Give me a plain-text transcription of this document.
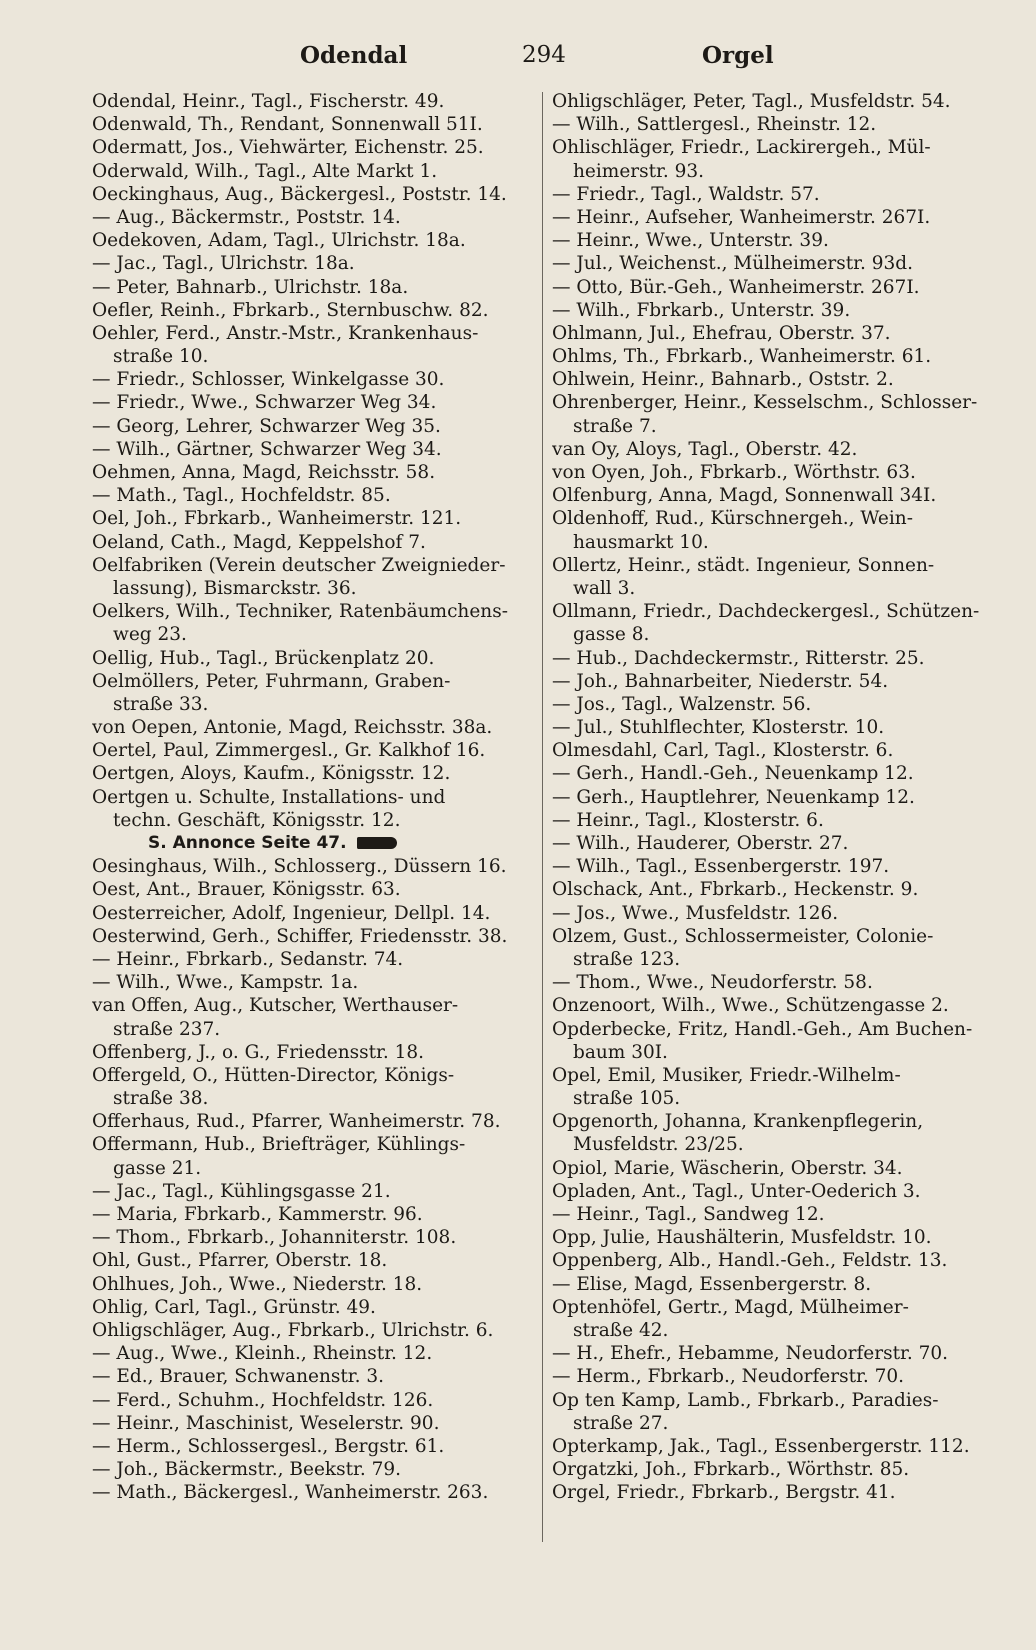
Odendal	294	Orgel
Odendal, Heinr., Tagl., Fischerstr. 49.
Odenwald, Th., Rendant, Sonnenwall 51I.
Odermatt, Jos., Viehwärter, Eichenstr. 25.
Oderwald, Wilh., Tagl., Alte Markt 1.
Oeckinghaus, Aug., Bäckergesl., Poststr. 14.
— Aug., Bäckermstr., Poststr. 14.
Oedekoven, Adam, Tagl., Ulrichstr. 18a.
— Jac., Tagl., Ulrichstr. 18a.
— Peter, Bahnarb., Ulrichstr. 18a.
Oefler, Reinh., Fbrkarb., Sternbuschw. 82.
Oehler, Ferd., Anstr.-Mstr., Krankenhaus-
straße 10.
— Friedr., Schlosser, Winkelgasse 30.
— Friedr., Wwe., Schwarzer Weg 34.
— Georg, Lehrer, Schwarzer Weg 35.
— Wilh., Gärtner, Schwarzer Weg 34.
Oehmen, Anna, Magd, Reichsstr. 58.
— Math., Tagl., Hochfeldstr. 85.
Oel, Joh., Fbrkarb., Wanheimerstr. 121.
Oeland, Cath., Magd, Keppelshof 7.
Oelfabriken (Verein deutscher Zweignieder-
lassung), Bismarckstr. 36.
Oelkers, Wilh., Techniker, Ratenbäumchens-
weg 23.
Oellig, Hub., Tagl., Brückenplatz 20.
Oelmöllers, Peter, Fuhrmann, Graben-
straße 33.
von Oepen, Antonie, Magd, Reichsstr. 38a.
Oertel, Paul, Zimmergesl., Gr. Kalkhof 16.
Oertgen, Aloys, Kaufm., Königsstr. 12.
Oertgen u. Schulte, Installations- und
techn. Geschäft, Königsstr. 12.
S. Annonce Seite 47.
Oesinghaus, Wilh., Schlosserg., Düssern 16.
Oest, Ant., Brauer, Königsstr. 63.
Oesterreicher, Adolf, Ingenieur, Dellpl. 14.
Oesterwind, Gerh., Schiffer, Friedensstr. 38.
— Heinr., Fbrkarb., Sedanstr. 74.
— Wilh., Wwe., Kampstr. 1a.
van Offen, Aug., Kutscher, Werthauser-
straße 237.
Offenberg, J., o. G., Friedensstr. 18.
Offergeld, O., Hütten-Director, Königs-
straße 38.
Offerhaus, Rud., Pfarrer, Wanheimerstr. 78.
Offermann, Hub., Briefträger, Kühlings-
gasse 21.
— Jac., Tagl., Kühlingsgasse 21.
— Maria, Fbrkarb., Kammerstr. 96.
— Thom., Fbrkarb., Johanniterstr. 108.
Ohl, Gust., Pfarrer, Oberstr. 18.
Ohlhues, Joh., Wwe., Niederstr. 18.
Ohlig, Carl, Tagl., Grünstr. 49.
Ohligschläger, Aug., Fbrkarb., Ulrichstr. 6.
— Aug., Wwe., Kleinh., Rheinstr. 12.
— Ed., Brauer, Schwanenstr. 3.
— Ferd., Schuhm., Hochfeldstr. 126.
— Heinr., Maschinist, Weselerstr. 90.
— Herm., Schlossergesl., Bergstr. 61.
— Joh., Bäckermstr., Beekstr. 79.
— Math., Bäckergesl., Wanheimerstr. 263.
Ohligschläger, Peter, Tagl., Musfeldstr. 54.
— Wilh., Sattlergesl., Rheinstr. 12.
Ohlischläger, Friedr., Lackirergeh., Mül-
heimerstr. 93.
— Friedr., Tagl., Waldstr. 57.
— Heinr., Aufseher, Wanheimerstr. 267I.
— Heinr., Wwe., Unterstr. 39.
— Jul., Weichenst., Mülheimerstr. 93d.
— Otto, Bür.-Geh., Wanheimerstr. 267I.
— Wilh., Fbrkarb., Unterstr. 39.
Ohlmann, Jul., Ehefrau, Oberstr. 37.
Ohlms, Th., Fbrkarb., Wanheimerstr. 61.
Ohlwein, Heinr., Bahnarb., Oststr. 2.
Ohrenberger, Heinr., Kesselschm., Schlosser-
straße 7.
van Oy, Aloys, Tagl., Oberstr. 42.
von Oyen, Joh., Fbrkarb., Wörthstr. 63.
Olfenburg, Anna, Magd, Sonnenwall 34I.
Oldenhoff, Rud., Kürschnergeh., Wein-
hausmarkt 10.
Ollertz, Heinr., städt. Ingenieur, Sonnen-
wall 3.
Ollmann, Friedr., Dachdeckergesl., Schützen-
gasse 8.
— Hub., Dachdeckermstr., Ritterstr. 25.
— Joh., Bahnarbeiter, Niederstr. 54.
— Jos., Tagl., Walzenstr. 56.
— Jul., Stuhlflechter, Klosterstr. 10.
Olmesdahl, Carl, Tagl., Klosterstr. 6.
— Gerh., Handl.-Geh., Neuenkamp 12.
— Gerh., Hauptlehrer, Neuenkamp 12.
— Heinr., Tagl., Klosterstr. 6.
— Wilh., Hauderer, Oberstr. 27.
— Wilh., Tagl., Essenbergerstr. 197.
Olschack, Ant., Fbrkarb., Heckenstr. 9.
— Jos., Wwe., Musfeldstr. 126.
Olzem, Gust., Schlossermeister, Colonie-
straße 123.
— Thom., Wwe., Neudorferstr. 58.
Onzenoort, Wilh., Wwe., Schützengasse 2.
Opderbecke, Fritz, Handl.-Geh., Am Buchen-
baum 30I.
Opel, Emil, Musiker, Friedr.-Wilhelm-
straße 105.
Opgenorth, Johanna, Krankenpflegerin,
Musfeldstr. 23/25.
Opiol, Marie, Wäscherin, Oberstr. 34.
Opladen, Ant., Tagl., Unter-Oederich 3.
— Heinr., Tagl., Sandweg 12.
Opp, Julie, Haushälterin, Musfeldstr. 10.
Oppenberg, Alb., Handl.-Geh., Feldstr. 13.
— Elise, Magd, Essenbergerstr. 8.
Optenhöfel, Gertr., Magd, Mülheimer-
straße 42.
— H., Ehefr., Hebamme, Neudorferstr. 70.
— Herm., Fbrkarb., Neudorferstr. 70.
Op ten Kamp, Lamb., Fbrkarb., Paradies-
straße 27.
Opterkamp, Jak., Tagl., Essenbergerstr. 112.
Orgatzki, Joh., Fbrkarb., Wörthstr. 85.
Orgel, Friedr., Fbrkarb., Bergstr. 41.
